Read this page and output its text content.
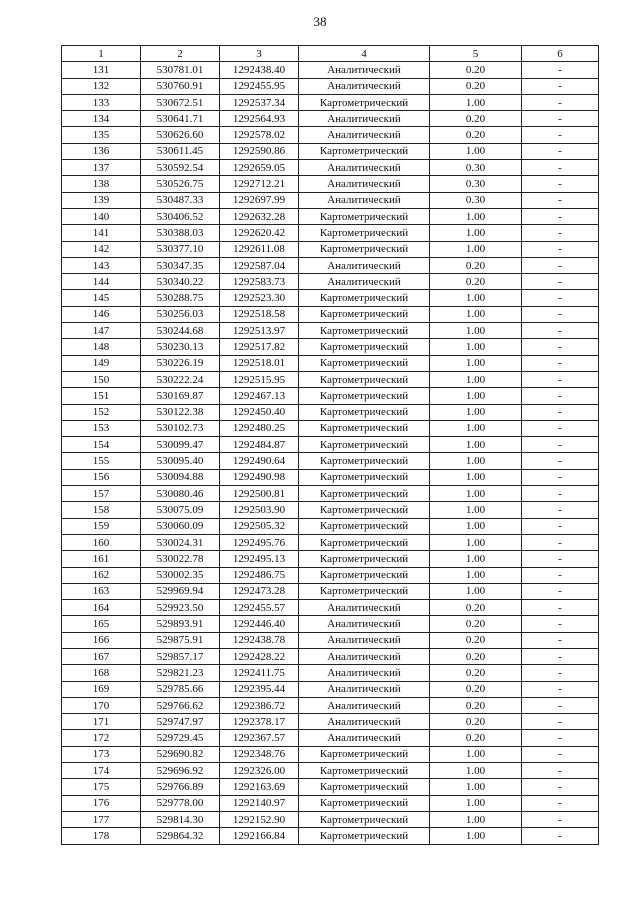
38
1	2	3	4	5	6
131	530781.01	1292438.40	Аналитический	0.20	-
132	530760.91	1292455.95	Аналитический	0.20	-
133	530672.51	1292537.34	Картометрический	1.00	-
134	530641.71	1292564.93	Аналитический	0.20	-
135	530626.60	1292578.02	Аналитический	0.20	-
136	530611.45	1292590.86	Картометрический	1.00	-
137	530592.54	1292659.05	Аналитический	0.30	-
138	530526.75	1292712.21	Аналитический	0.30	-
139	530487.33	1292697.99	Аналитический	0.30	-
140	530406.52	1292632.28	Картометрический	1.00	-
141	530388.03	1292620.42	Картометрический	1.00	-
142	530377.10	1292611.08	Картометрический	1.00	-
143	530347.35	1292587.04	Аналитический	0.20	-
144	530340.22	1292583.73	Аналитический	0.20	-
145	530288.75	1292523.30	Картометрический	1.00	-
146	530256.03	1292518.58	Картометрический	1.00	-
147	530244.68	1292513.97	Картометрический	1.00	-
148	530230.13	1292517.82	Картометрический	1.00	-
149	530226.19	1292518.01	Картометрический	1.00	-
150	530222.24	1292515.95	Картометрический	1.00	-
151	530169.87	1292467.13	Картометрический	1.00	-
152	530122.38	1292450.40	Картометрический	1.00	-
153	530102.73	1292480.25	Картометрический	1.00	-
154	530099.47	1292484.87	Картометрический	1.00	-
155	530095.40	1292490.64	Картометрический	1.00	-
156	530094.88	1292490.98	Картометрический	1.00	-
157	530080.46	1292500.81	Картометрический	1.00	-
158	530075.09	1292503.90	Картометрический	1.00	-
159	530060.09	1292505.32	Картометрический	1.00	-
160	530024.31	1292495.76	Картометрический	1.00	-
161	530022.78	1292495.13	Картометрический	1.00	-
162	530002.35	1292486.75	Картометрический	1.00	-
163	529969.94	1292473.28	Картометрический	1.00	-
164	529923.50	1292455.57	Аналитический	0.20	-
165	529893.91	1292446.40	Аналитический	0.20	-
166	529875.91	1292438.78	Аналитический	0.20	-
167	529857.17	1292428.22	Аналитический	0.20	-
168	529821.23	1292411.75	Аналитический	0.20	-
169	529785.66	1292395.44	Аналитический	0.20	-
170	529766.62	1292386.72	Аналитический	0.20	-
171	529747.97	1292378.17	Аналитический	0.20	-
172	529729.45	1292367.57	Аналитический	0.20	-
173	529690.82	1292348.76	Картометрический	1.00	-
174	529696.92	1292326.00	Картометрический	1.00	-
175	529766.89	1292163.69	Картометрический	1.00	-
176	529778.00	1292140.97	Картометрический	1.00	-
177	529814.30	1292152.90	Картометрический	1.00	-
178	529864.32	1292166.84	Картометрический	1.00	-
